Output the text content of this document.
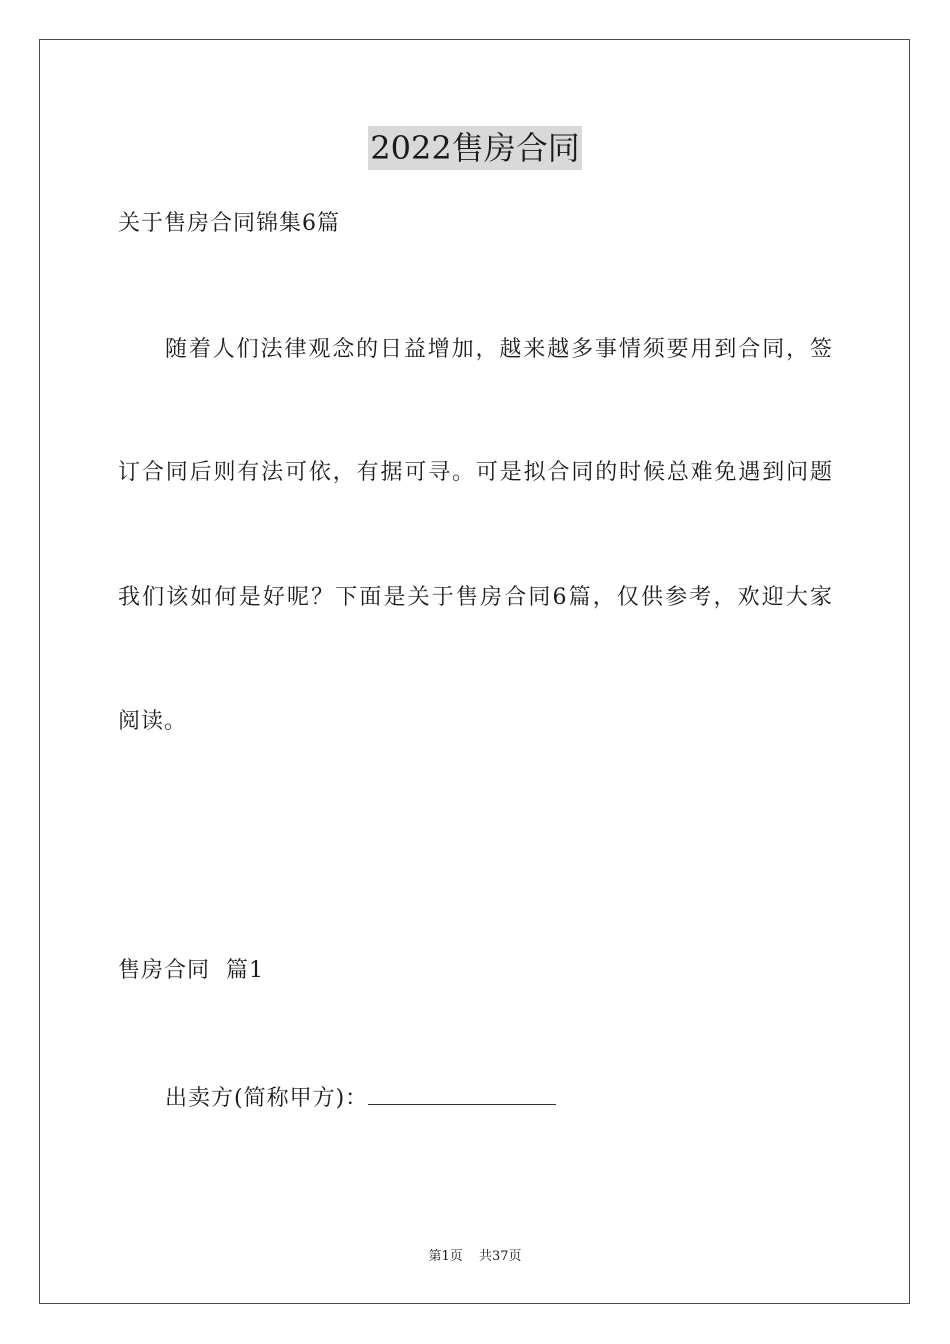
2022售房合同
关于售房合同锦集6篇
随着人们法律观念的日益增加，越来越多事情须要用到合同，签
订合同后则有法可依，有据可寻。可是拟合同的时候总难免遇到问题
我们该如何是好呢？下面是关于售房合同6篇，仅供参考，欢迎大家
阅读。
售房合同  篇1
出卖方(简称甲方)：
第1页 共37页
